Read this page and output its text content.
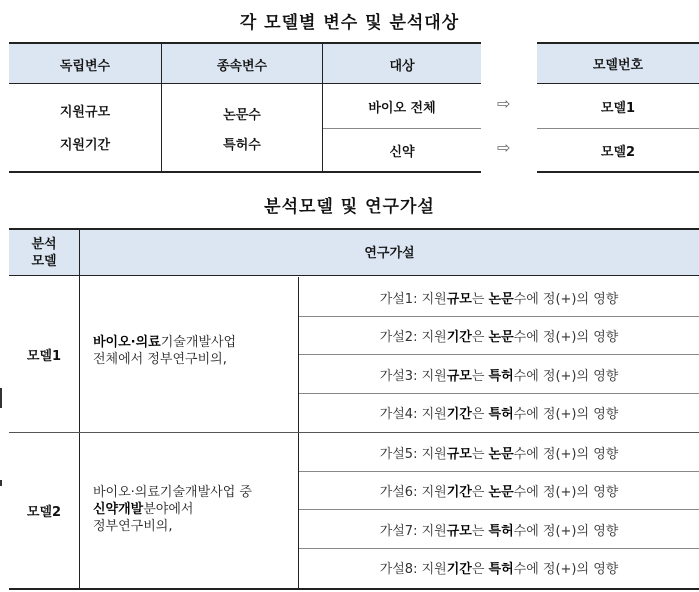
각 모델별 변수 및 분석대상
분석모델 및 연구가설
모델번호
독립변수	종속변수	대상
지원규모
지원기간
논문수
특허수
바이오 전체
신약
⇨
⇨
모델1
모델2
분석
모델
연구가설
모델1
바이오·의료기술개발사업
전체에서 정부연구비의,
모델2
바이오·의료기술개발사업 중
신약개발분야에서
정부연구비의,
가설1: 지원 규모 는
논문 수에 정(+)의 영향
가설2: 지원 기간 은
논문 수에 정(+)의 영향
가설3: 지원 규모 는
특허 수에 정(+)의 영향
가설4: 지원 기간 은
특허 수에 정(+)의 영향
가설5: 지원 규모 는
논문 수에 정(+)의 영향
가설6: 지원 기간 은
논문 수에 정(+)의 영향
가설7: 지원 규모 는
특허 수에 정(+)의 영향
가설8: 지원 기간 은
특허 수에 정(+)의 영향
